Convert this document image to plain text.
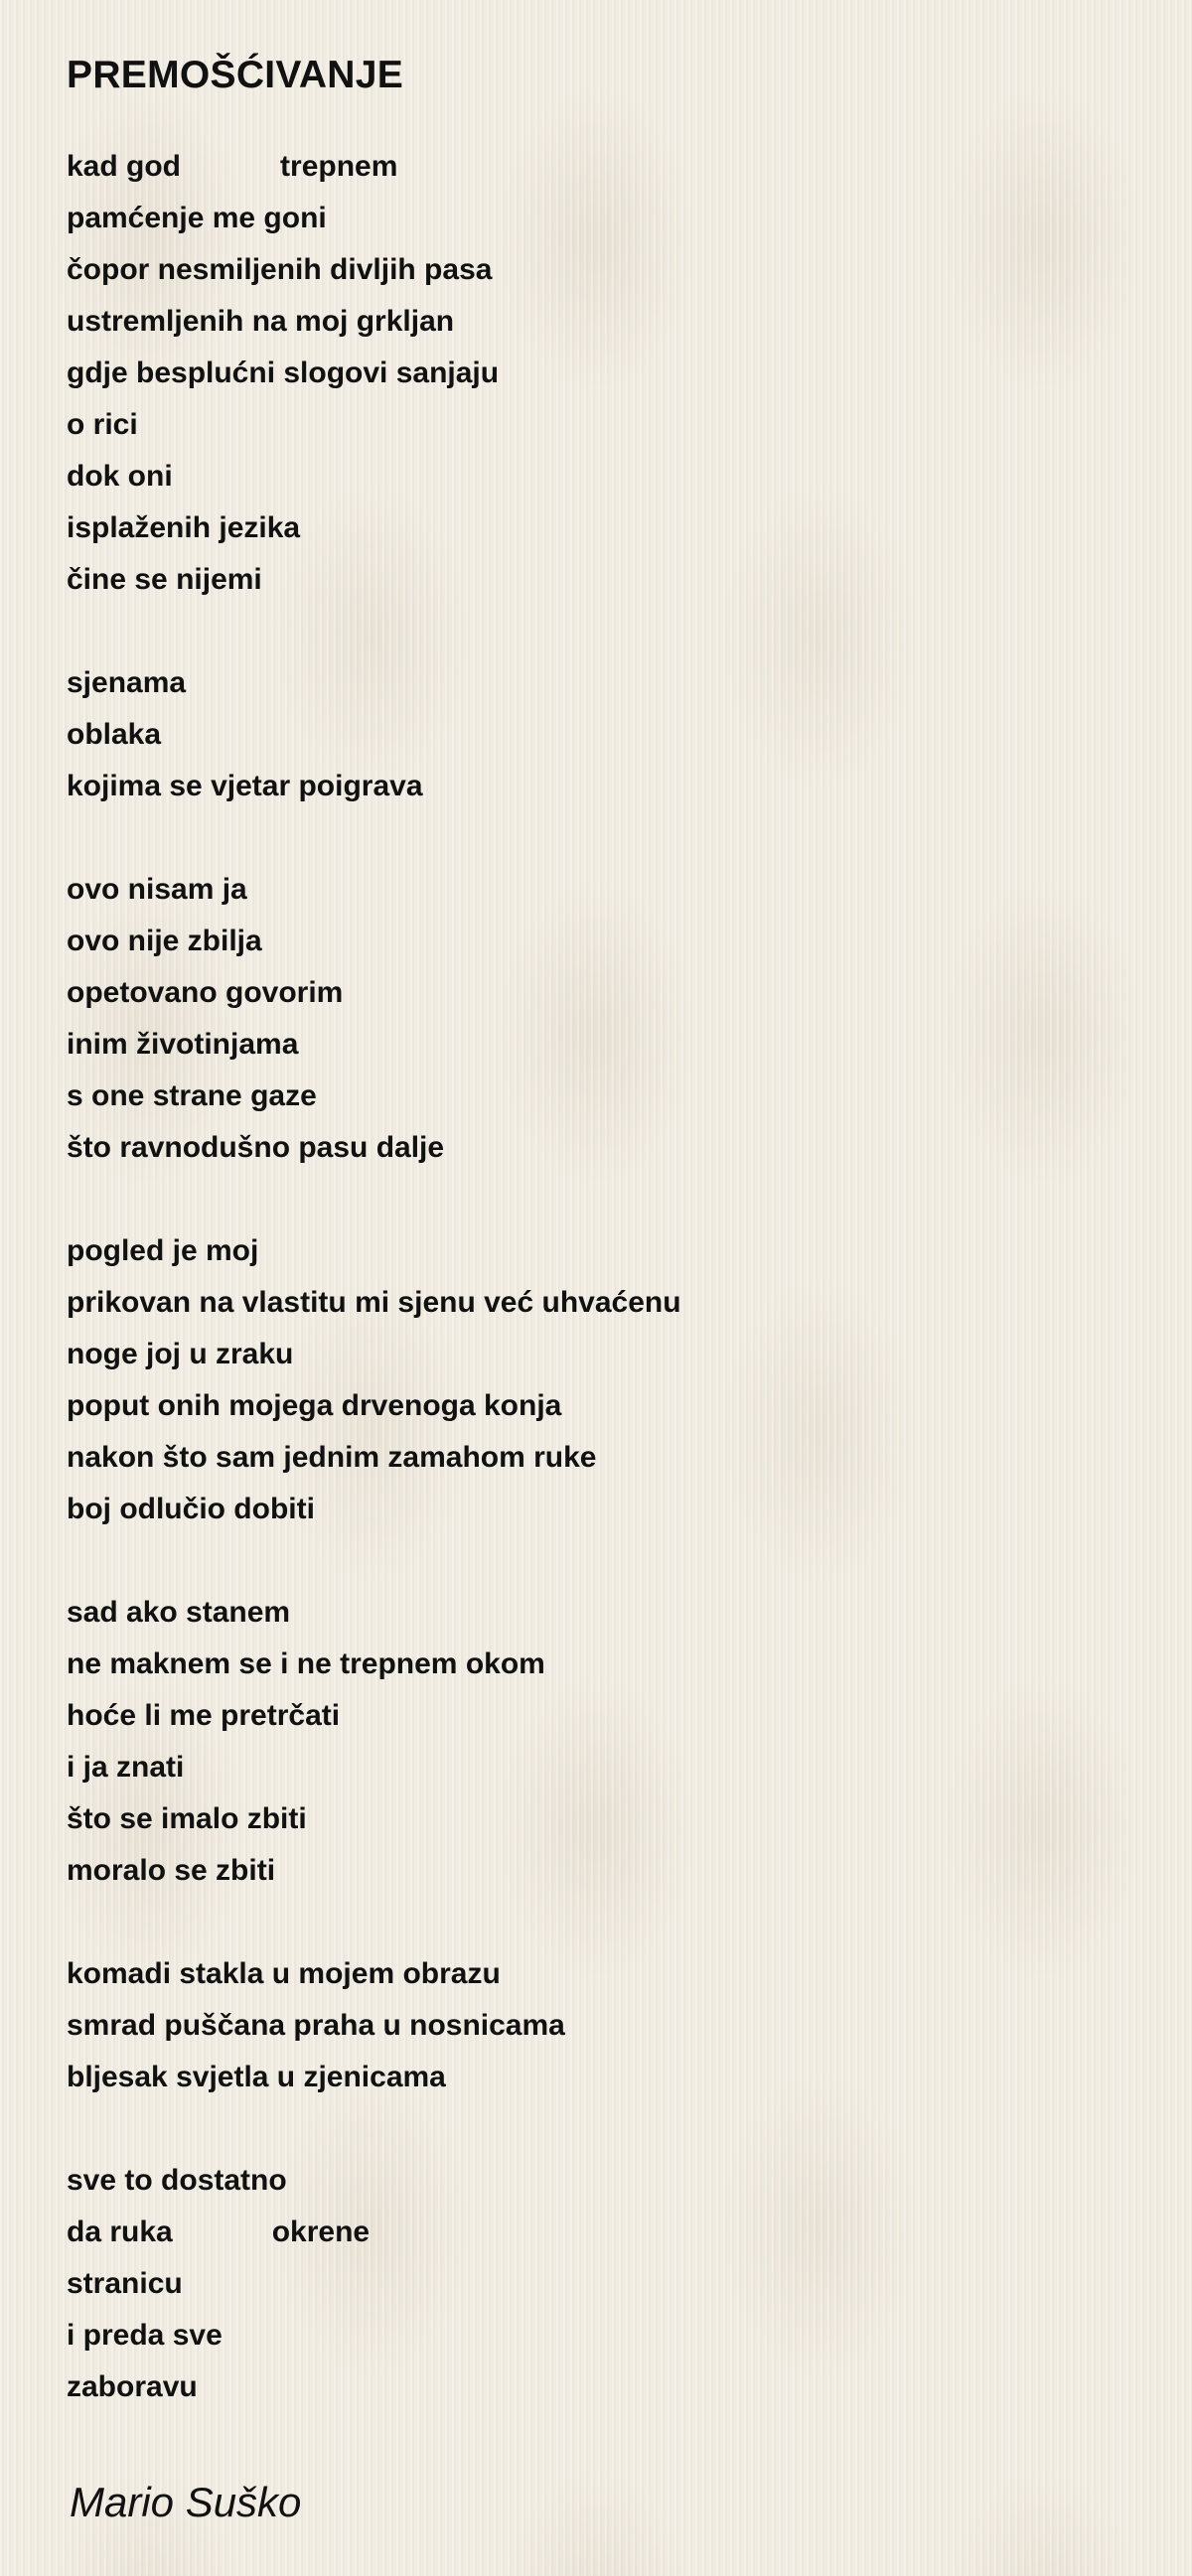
PREMOŠĆIVANJE
kad god            trepnem
pamćenje me goni
čopor nesmiljenih divljih pasa
ustremljenih na moj grkljan
gdje besplućni slogovi sanjaju
o rici
dok oni
isplaženih jezika
čine se nijemi
sjenama
oblaka
kojima se vjetar poigrava
ovo nisam ja
ovo nije zbilja
opetovano govorim
inim životinjama
s one strane gaze
što ravnodušno pasu dalje
pogled je moj
prikovan na vlastitu mi sjenu već uhvaćenu
noge joj u zraku
poput onih mojega drvenoga konja
nakon što sam jednim zamahom ruke
boj odlučio dobiti
sad ako stanem
ne maknem se i ne trepnem okom
hoće li me pretrčati
i ja znati
što se imalo zbiti
moralo se zbiti
komadi stakla u mojem obrazu
smrad puščana praha u nosnicama
bljesak svjetla u zjenicama
sve to dostatno
da ruka            okrene
stranicu
i preda sve
zaboravu

Mario Suško
